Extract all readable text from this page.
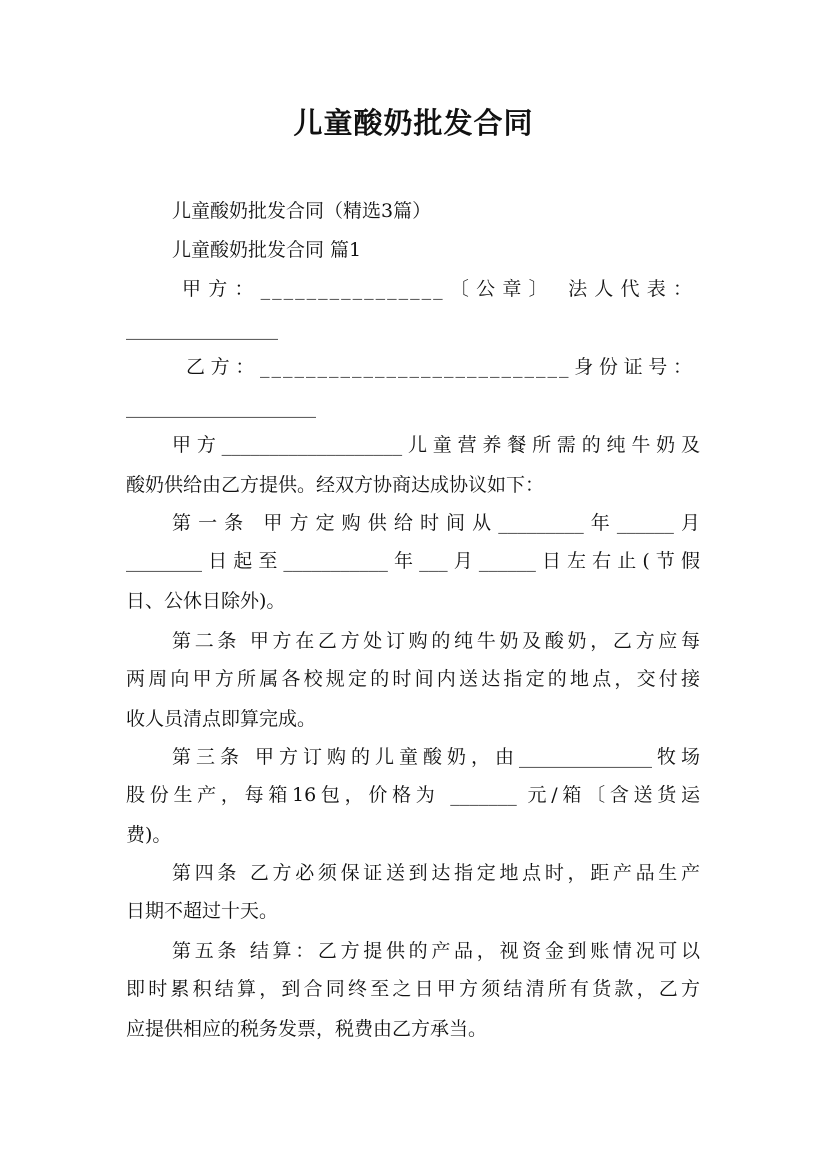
儿童酸奶批发合同

儿童酸奶批发合同（精选3篇）

儿童酸奶批发合同 篇1

甲方：________________〔公章〕 法人代表：

________________

乙方：___________________________身份证号：

____________________

甲方___________________儿童营养餐所需的纯牛奶及

酸奶供给由乙方提供。经双方协商达成协议如下：

第一条 甲方定购供给时间从_________年______月

________日起至___________年___月______日左右止(节假

日、公休日除外)。

第二条 甲方在乙方处订购的纯牛奶及酸奶，乙方应每

两周向甲方所属各校规定的时间内送达指定的地点，交付接

收人员清点即算完成。

第三条 甲方订购的儿童酸奶，由______________牧场

股份生产，每箱16包，价格为 _______ 元/箱〔含送货运

费)。

第四条 乙方必须保证送到达指定地点时，距产品生产

日期不超过十天。

第五条 结算：乙方提供的产品，视资金到账情况可以

即时累积结算，到合同终至之日甲方须结清所有货款，乙方

应提供相应的税务发票，税费由乙方承当。
